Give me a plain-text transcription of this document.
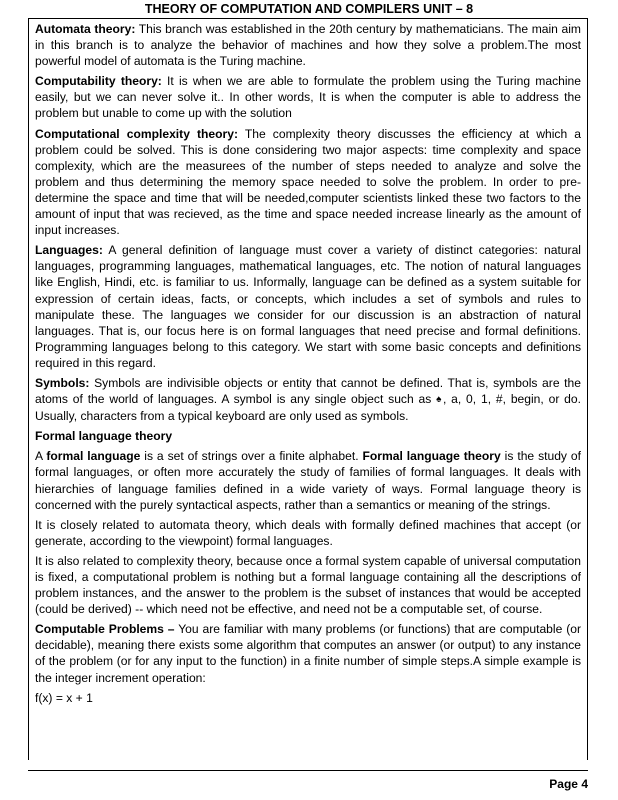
THEORY OF COMPUTATION AND COMPILERS UNIT – 8

Automata theory: This branch was established in the 20th century by mathematicians. The main aim in this branch is to analyze the behavior of machines and how they solve a problem.The most powerful model of automata is the Turing machine.

Computability theory: It is when we are able to formulate the problem using the Turing machine easily, but we can never solve it.. In other words, It is when the computer is able to address the problem but unable to come up with the solution

Computational complexity theory: The complexity theory discusses the efficiency at which a problem could be solved. This is done considering two major aspects: time complexity and space complexity, which are the measurees of the number of steps needed to analyze and solve the problem and thus determining the memory space needed to solve the problem. In order to pre-determine the space and time that will be needed,computer scientists linked these two factors to the amount of input that was recieved, as the time and space needed increase linearly as the amount of input increases.

Languages: A general definition of language must cover a variety of distinct categories: natural languages, programming languages, mathematical languages, etc. The notion of natural languages like English, Hindi, etc. is familiar to us. Informally, language can be defined as a system suitable for expression of certain ideas, facts, or concepts, which includes a set of symbols and rules to manipulate these. The languages we consider for our discussion is an abstraction of natural languages. That is, our focus here is on formal languages that need precise and formal definitions. Programming languages belong to this category. We start with some basic concepts and definitions required in this regard.

Symbols: Symbols are indivisible objects or entity that cannot be defined. That is, symbols are the atoms of the world of languages. A symbol is any single object such as ♠, a, 0, 1, #, begin, or do. Usually, characters from a typical keyboard are only used as symbols.

Formal language theory

A formal language is a set of strings over a finite alphabet. Formal language theory is the study of formal languages, or often more accurately the study of families of formal languages. It deals with hierarchies of language families defined in a wide variety of ways. Formal language theory is concerned with the purely syntactical aspects, rather than a semantics or meaning of the strings.

It is closely related to automata theory, which deals with formally defined machines that accept (or generate, according to the viewpoint) formal languages.

It is also related to complexity theory, because once a formal system capable of universal computation is fixed, a computational problem is nothing but a formal language containing all the descriptions of problem instances, and the answer to the problem is the subset of instances that would be accepted (could be derived) -- which need not be effective, and need not be a computable set, of course.

Computable Problems – You are familiar with many problems (or functions) that are computable (or decidable), meaning there exists some algorithm that computes an answer (or output) to any instance of the problem (or for any input to the function) in a finite number of simple steps.A simple example is the integer increment operation:

f(x) = x + 1

Page 4
